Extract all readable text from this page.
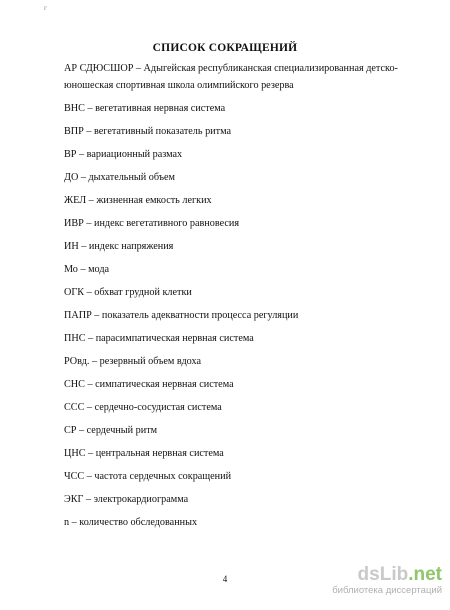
г
СПИСОК СОКРАЩЕНИЙ
АР СДЮСШОР – Адыгейская республиканская специализированная детско-
юношеская спортивная школа олимпийского резерва
ВНС – вегетативная нервная система
ВПР – вегетативный показатель ритма
ВР – вариационный размах
ДО – дыхательный объем
ЖЕЛ – жизненная емкость легких
ИВР – индекс вегетативного равновесия
ИН – индекс напряжения
Мо – мода
ОГК – обхват грудной клетки
ПАПР – показатель адекватности процесса регуляции
ПНС – парасимпатическая нервная система
РОвд. – резервный объем вдоха
СНС – симпатическая нервная система
ССС – сердечно-сосудистая система
СР – сердечный ритм
ЦНС – центральная нервная система
ЧСС – частота сердечных сокращений
ЭКГ – электрокардиограмма
n – количество обследованных
4	dsLib.net
библиотека диссертаций
